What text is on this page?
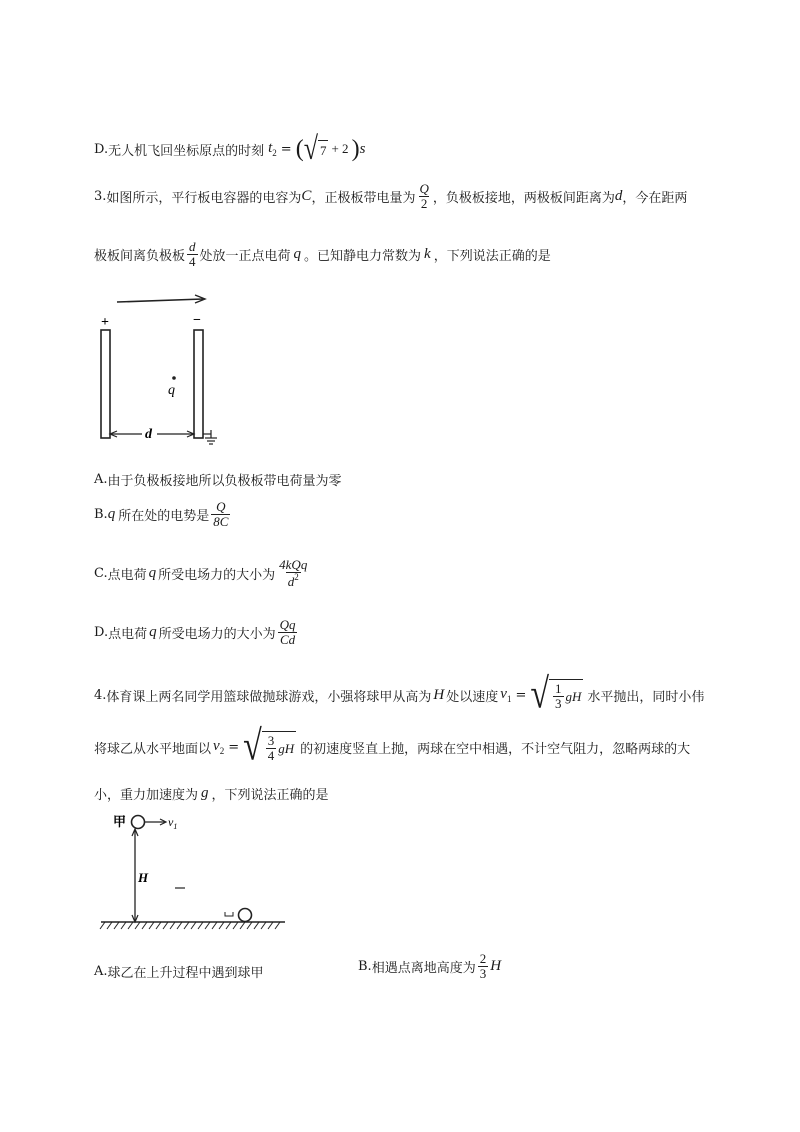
D. 无人机飞回坐标原点的时刻 $t_2$ = ( √ 7 + 2 ) s
3. 如图所示，平行板电容器的电容为 C ，正极板带电量为 $\frac{Q}{2}$ ，负极板接地，两极板间距离为 d ，今在距两
极板间离负极板 $\frac{d}{4}$ 处放一正点电荷 q 。已知静电力常数为 k ，下列说法正确的是
+	−
q
d
A. 由于负极板接地所以负极板带电荷量为零
B. q 所在处的电势是 $\frac{Q}{8C}$
C. 点电荷 q 所受电场力的大小为 $\frac{\text{4kQq}}{d^2}$
D. 点电荷 q 所受电场力的大小为 $\frac{Qq}{Cd}$
4. 体育课上两名同学用篮球做抛球游戏，小强将球甲从高为 H 处以速度 $v_1$ = √ $\frac{1}{3}$ gH 水平抛出，同时小伟
将球乙从水平地面以 $v_2$ = √ $\frac{3}{4}$ gH 的初速度竖直上抛，两球在空中相遇，不计空气阻力，忽略两球的大
小，重力加速度为 g ，下列说法正确的是
甲	$v_1$
H
A. 球乙在上升过程中遇到球甲	B. 相遇点离地高度为 $\frac{2}{3}$ H
